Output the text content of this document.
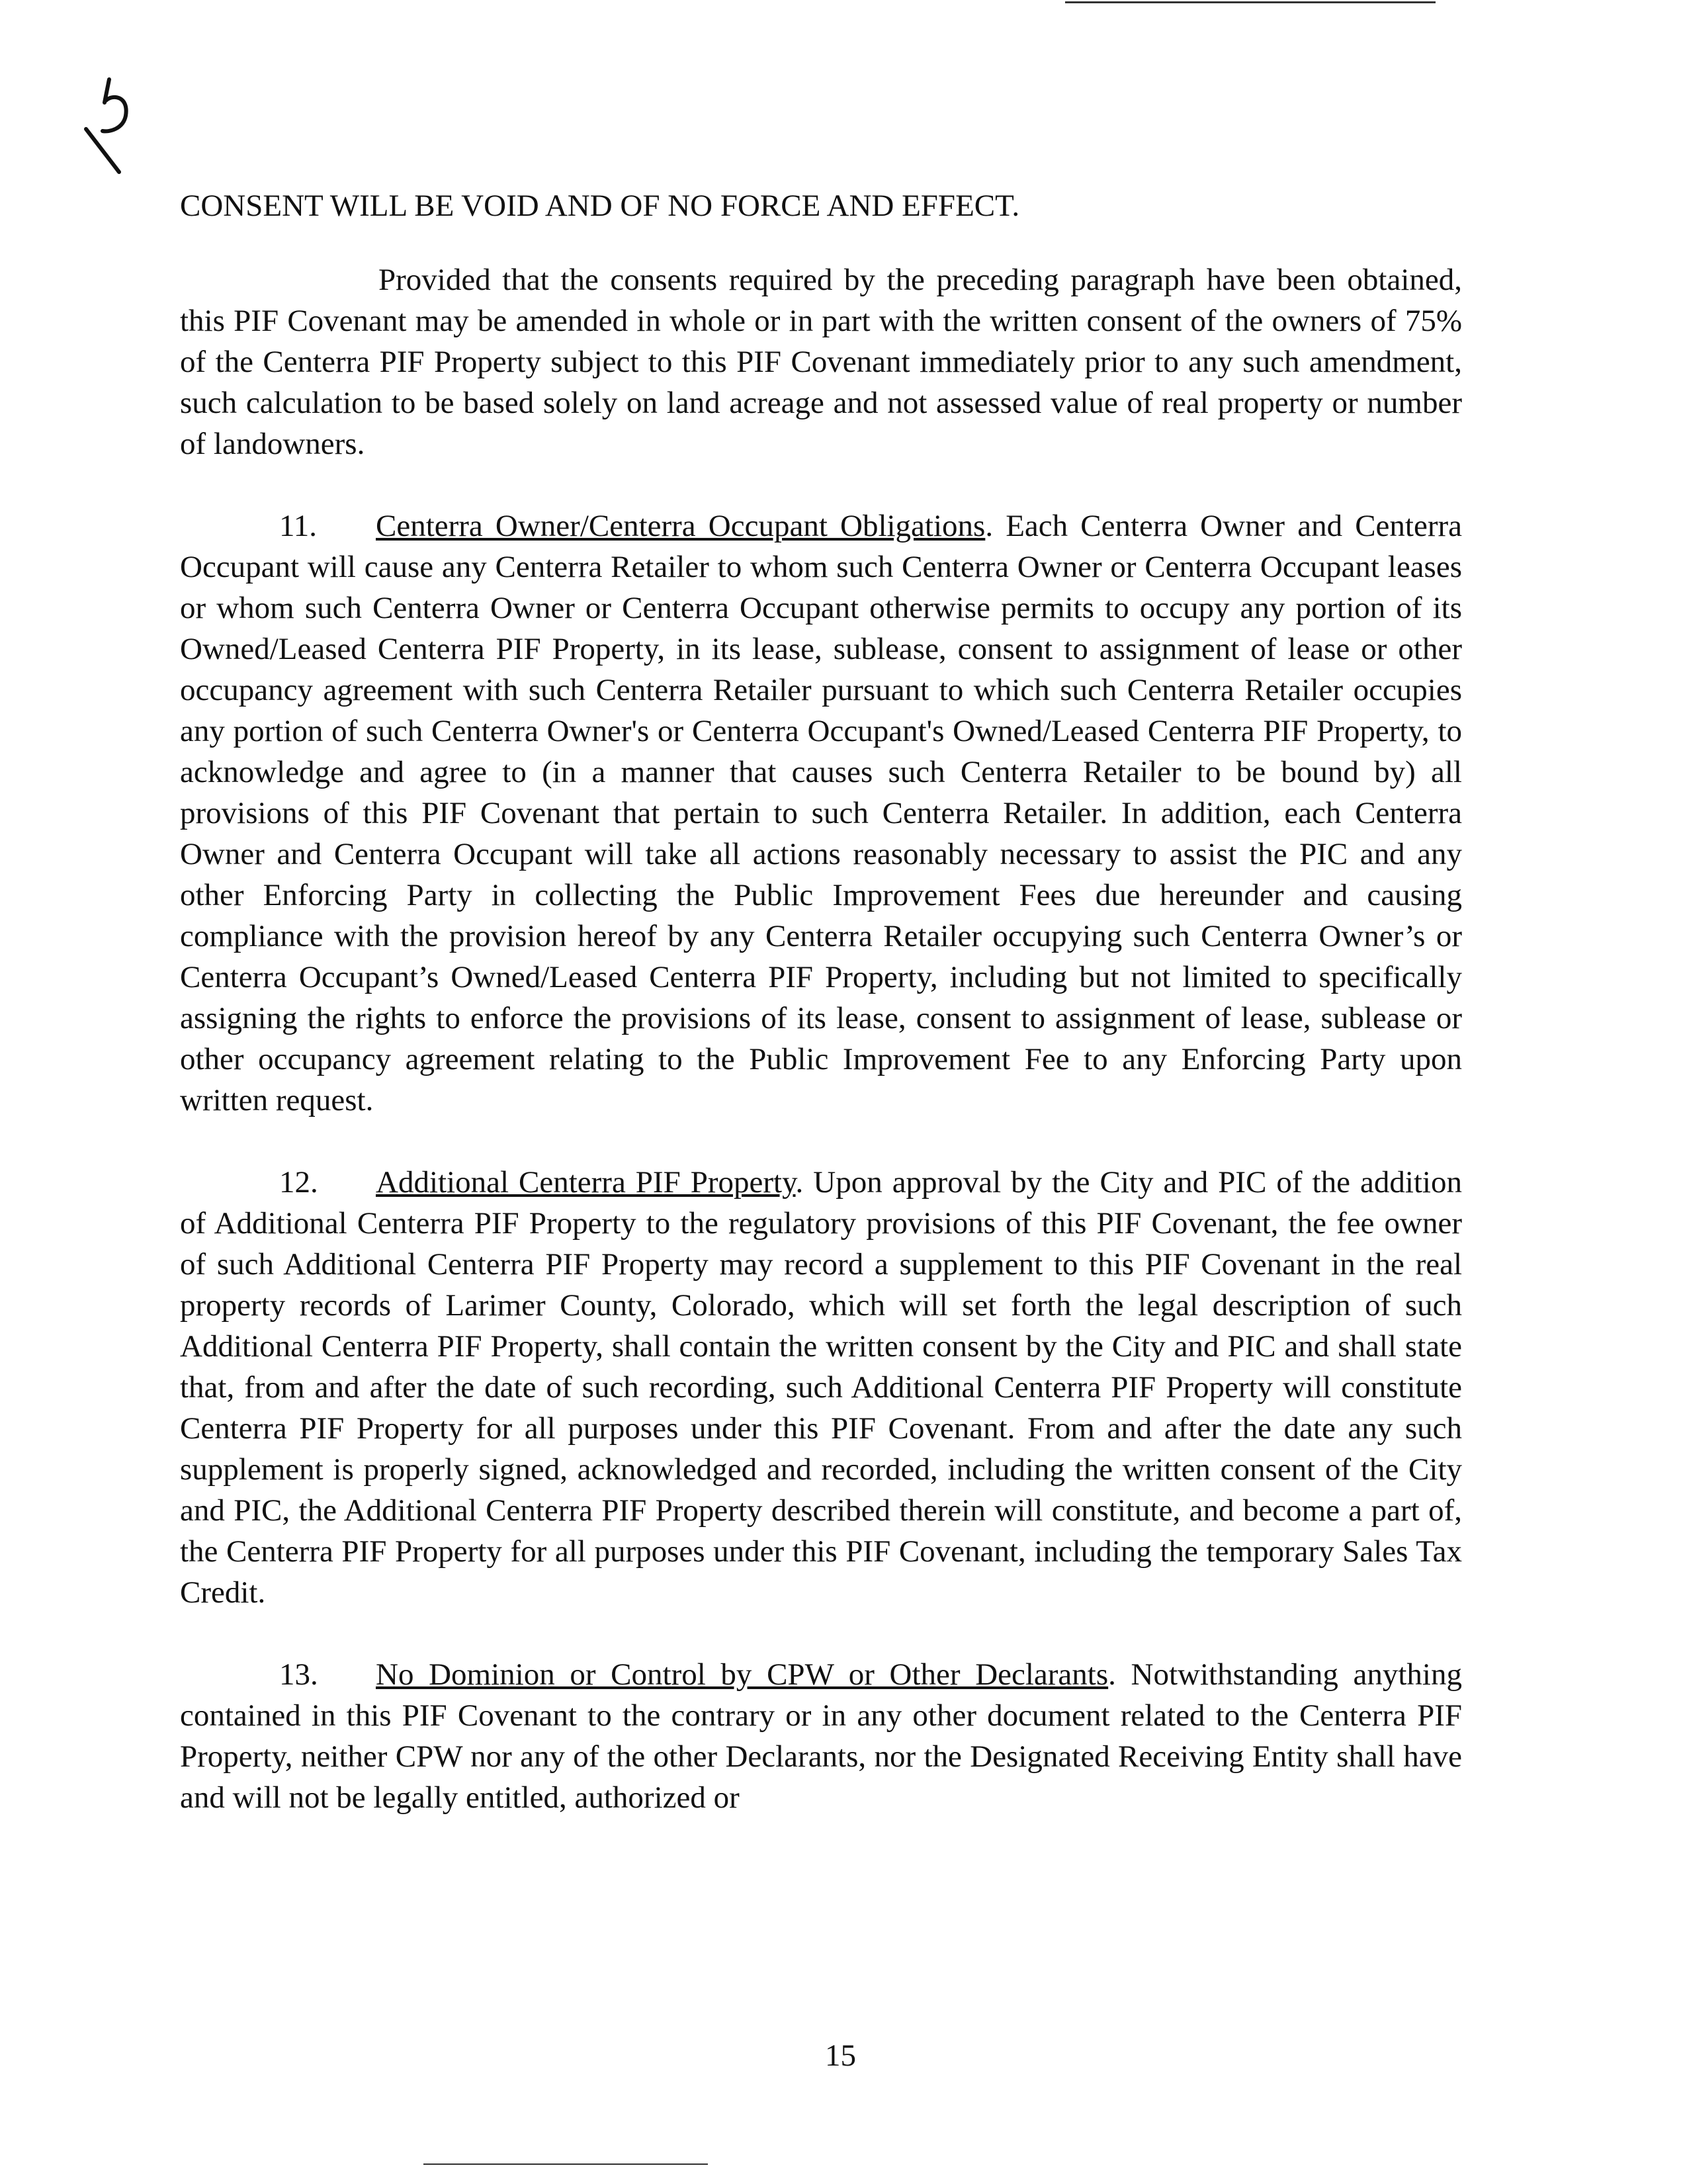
CONSENT WILL BE VOID AND OF NO FORCE AND EFFECT.

Provided that the consents required by the preceding paragraph have been obtained, this PIF Covenant may be amended in whole or in part with the written consent of the owners of 75% of the Centerra PIF Property subject to this PIF Covenant immediately prior to any such amendment, such calculation to be based solely on land acreage and not assessed value of real property or number of landowners.

11. Centerra Owner/Centerra Occupant Obligations. Each Centerra Owner and Centerra Occupant will cause any Centerra Retailer to whom such Centerra Owner or Centerra Occupant leases or whom such Centerra Owner or Centerra Occupant otherwise permits to occupy any portion of its Owned/Leased Centerra PIF Property, in its lease, sublease, consent to assignment of lease or other occupancy agreement with such Centerra Retailer pursuant to which such Centerra Retailer occupies any portion of such Centerra Owner's or Centerra Occupant's Owned/Leased Centerra PIF Property, to acknowledge and agree to (in a manner that causes such Centerra Retailer to be bound by) all provisions of this PIF Covenant that pertain to such Centerra Retailer. In addition, each Centerra Owner and Centerra Occupant will take all actions reasonably necessary to assist the PIC and any other Enforcing Party in collecting the Public Improvement Fees due hereunder and causing compliance with the provision hereof by any Centerra Retailer occupying such Centerra Owner’s or Centerra Occupant’s Owned/Leased Centerra PIF Property, including but not limited to specifically assigning the rights to enforce the provisions of its lease, consent to assignment of lease, sublease or other occupancy agreement relating to the Public Improvement Fee to any Enforcing Party upon written request.

12. Additional Centerra PIF Property. Upon approval by the City and PIC of the addition of Additional Centerra PIF Property to the regulatory provisions of this PIF Covenant, the fee owner of such Additional Centerra PIF Property may record a supplement to this PIF Covenant in the real property records of Larimer County, Colorado, which will set forth the legal description of such Additional Centerra PIF Property, shall contain the written consent by the City and PIC and shall state that, from and after the date of such recording, such Additional Centerra PIF Property will constitute Centerra PIF Property for all purposes under this PIF Covenant. From and after the date any such supplement is properly signed, acknowledged and recorded, including the written consent of the City and PIC, the Additional Centerra PIF Property described therein will constitute, and become a part of, the Centerra PIF Property for all purposes under this PIF Covenant, including the temporary Sales Tax Credit.

13. No Dominion or Control by CPW or Other Declarants. Notwithstanding anything contained in this PIF Covenant to the contrary or in any other document related to the Centerra PIF Property, neither CPW nor any of the other Declarants, nor the Designated Receiving Entity shall have and will not be legally entitled, authorized or

15
